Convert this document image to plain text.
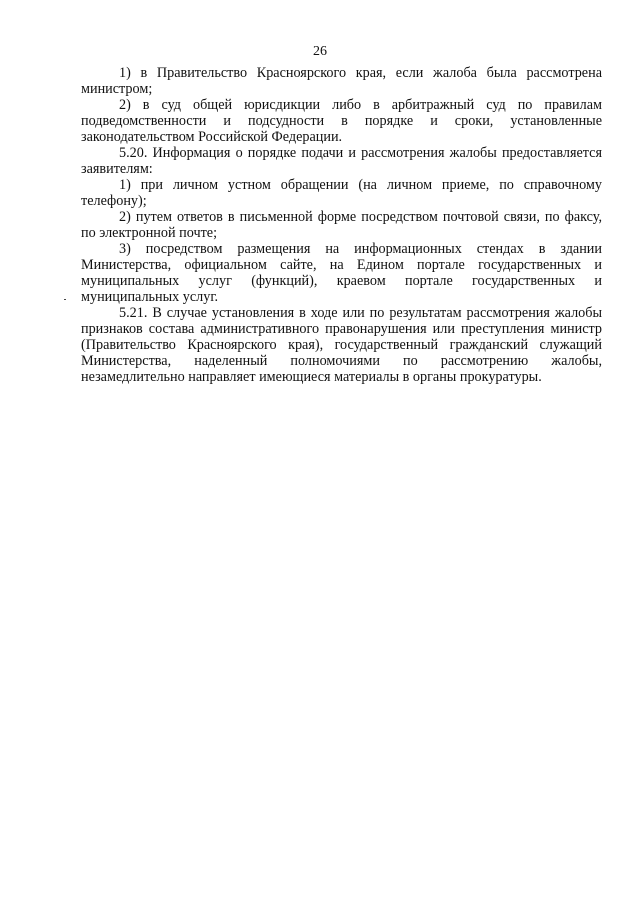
26

1) в Правительство Красноярского края, если жалоба была рассмотрена министром;

2) в суд общей юрисдикции либо в арбитражный суд по правилам подведомственности и подсудности в порядке и сроки, установленные законодательством Российской Федерации.

5.20. Информация о порядке подачи и рассмотрения жалобы предоставляется заявителям:

1) при личном устном обращении (на личном приеме, по справочному телефону);

2) путем ответов в письменной форме посредством почтовой связи, по факсу, по электронной почте;

3) посредством размещения на информационных стендах в здании Министерства, официальном сайте, на Едином портале государственных и муниципальных услуг (функций), краевом портале государственных и муниципальных услуг.

5.21. В случае установления в ходе или по результатам рассмотрения жалобы признаков состава административного правонарушения или преступления министр (Правительство Красноярского края), государственный гражданский служащий Министерства, наделенный полномочиями по рассмотрению жалобы, незамедлительно направляет имеющиеся материалы в органы прокуратуры.
